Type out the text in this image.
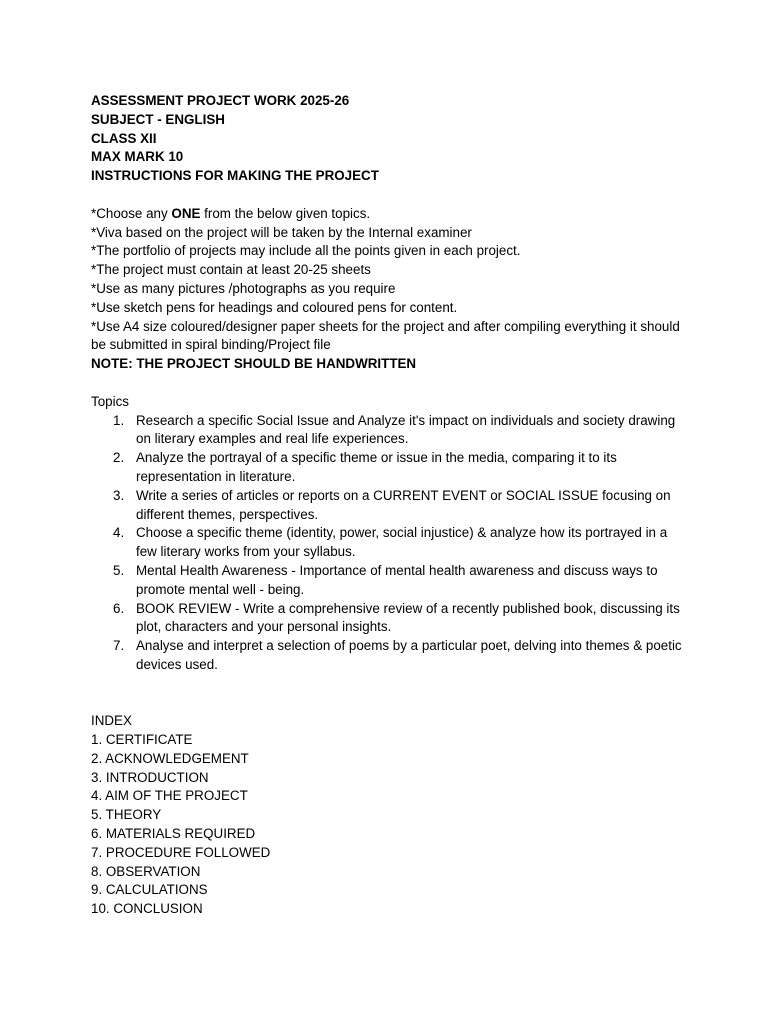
ASSESSMENT PROJECT WORK 2025-26

SUBJECT - ENGLISH

CLASS XII

MAX MARK 10

INSTRUCTIONS FOR MAKING THE PROJECT

*Choose any ONE from the below given topics.

*Viva based on the project will be taken by the Internal examiner

*The portfolio of projects may include all the points given in each project.

*The project must contain at least 20-25 sheets

*Use as many pictures /photographs as you require

*Use sketch pens for headings and coloured pens for content.

*Use A4 size coloured/designer paper sheets for the project and after compiling everything it should be submitted in spiral binding/Project file

NOTE: THE PROJECT SHOULD BE HANDWRITTEN

Topics

1. Research a specific Social Issue and Analyze it's impact on individuals and society drawing on literary examples and real life experiences.
2. Analyze the portrayal of a specific theme or issue in the media, comparing it to its representation in literature.
3. Write a series of articles or reports on a CURRENT EVENT or SOCIAL ISSUE focusing on different themes, perspectives.
4. Choose a specific theme (identity, power, social injustice) & analyze how its portrayed in a few literary works from your syllabus.
5. Mental Health Awareness - Importance of mental health awareness and discuss ways to promote mental well - being.
6. BOOK REVIEW - Write a comprehensive review of a recently published book, discussing its plot, characters and your personal insights.
7. Analyse and interpret a selection of poems by a particular poet, delving into themes & poetic devices used.

INDEX

1. CERTIFICATE

2. ACKNOWLEDGEMENT

3. INTRODUCTION

4. AIM OF THE PROJECT

5. THEORY

6. MATERIALS REQUIRED

7. PROCEDURE FOLLOWED

8. OBSERVATION

9. CALCULATIONS

10. CONCLUSION
